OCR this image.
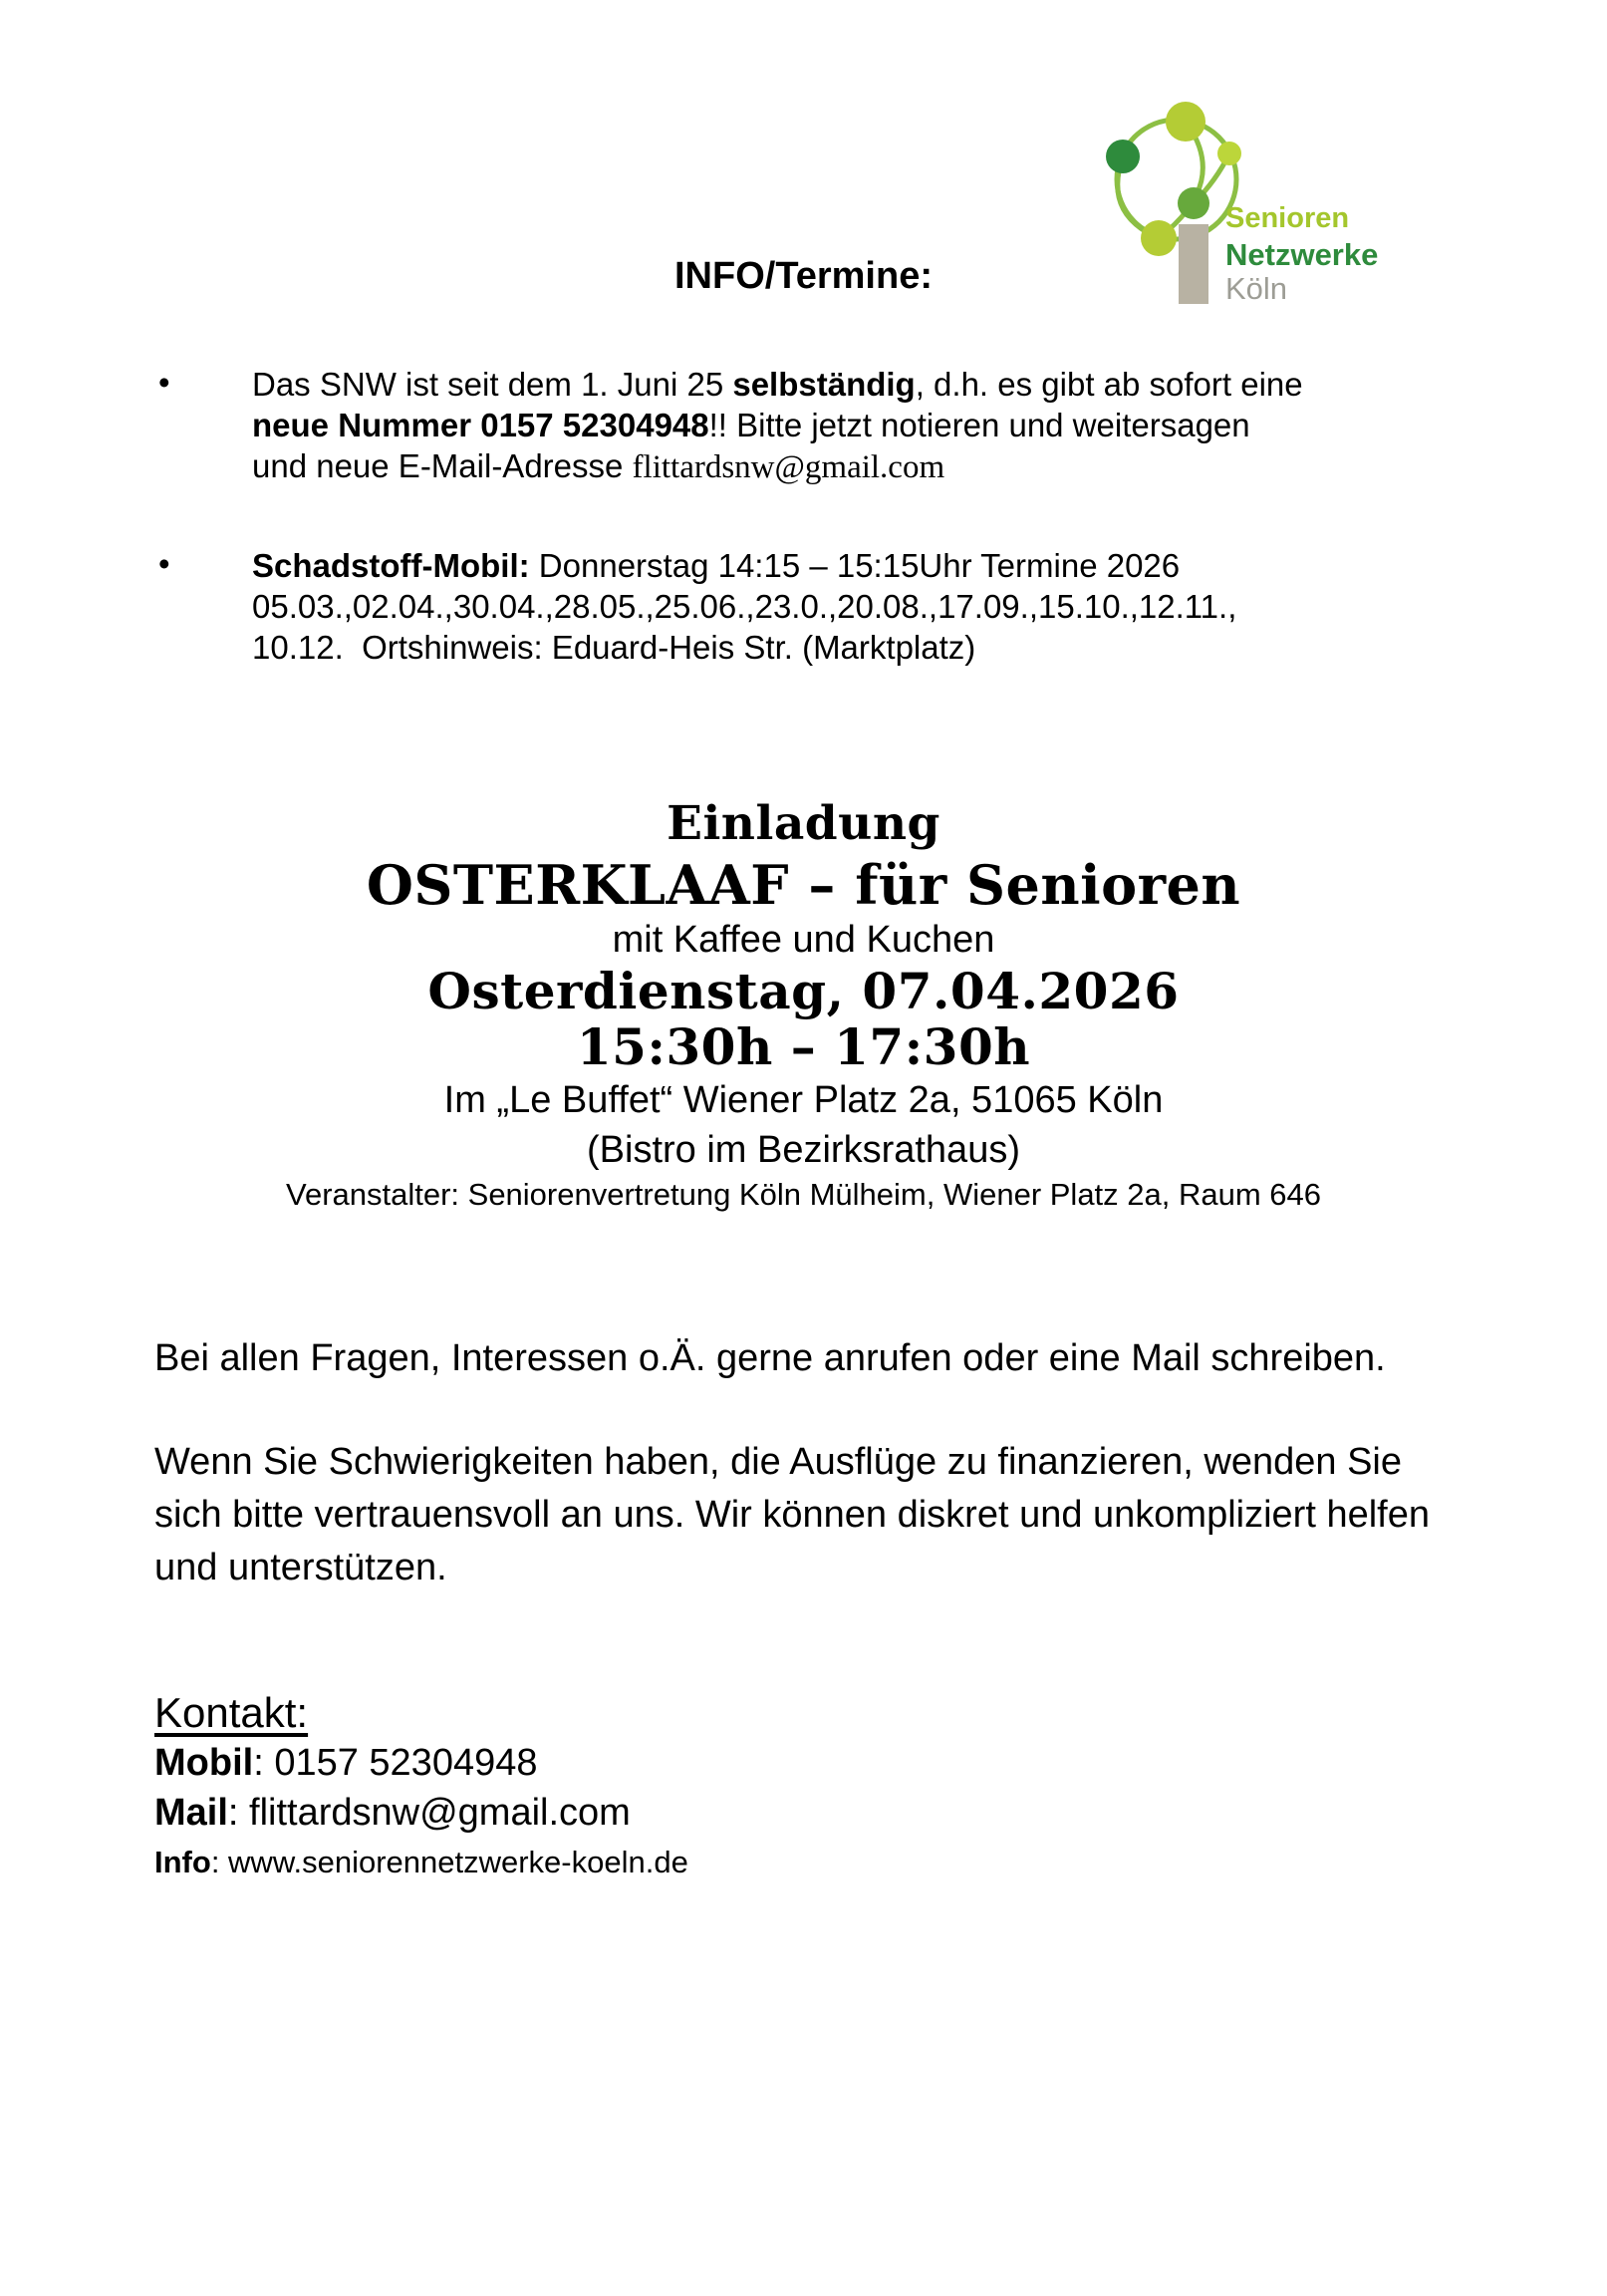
Senioren
Netzwerke
Köln
INFO/Termine:
• Das SNW ist seit dem 1. Juni 25 selbständig, d.h. es gibt ab sofort eine
neue Nummer 0157 52304948!! Bitte jetzt notieren und weitersagen
und neue E-Mail-Adresse flittardsnw@gmail.com
• Schadstoff-Mobil: Donnerstag 14:15 – 15:15Uhr Termine 2026
05.03.,02.04.,30.04.,28.05.,25.06.,23.0.,20.08.,17.09.,15.10.,12.11.,
10.12.  Ortshinweis: Eduard-Heis Str. (Marktplatz)
Einladung
OSTERKLAAF – für Senioren
mit Kaffee und Kuchen
Osterdienstag, 07.04.2026
15:30h – 17:30h
Im „Le Buffet“ Wiener Platz 2a, 51065 Köln
(Bistro im Bezirksrathaus)
Veranstalter: Seniorenvertretung Köln Mülheim, Wiener Platz 2a, Raum 646

Bei allen Fragen, Interessen o.Ä. gerne anrufen oder eine Mail schreiben.

Wenn Sie Schwierigkeiten haben, die Ausflüge zu finanzieren, wenden Sie
sich bitte vertrauensvoll an uns. Wir können diskret und unkompliziert helfen
und unterstützen.

Kontakt:
Mobil: 0157 52304948
Mail: flittardsnw@gmail.com
Info: www.seniorennetzwerke-koeln.de
